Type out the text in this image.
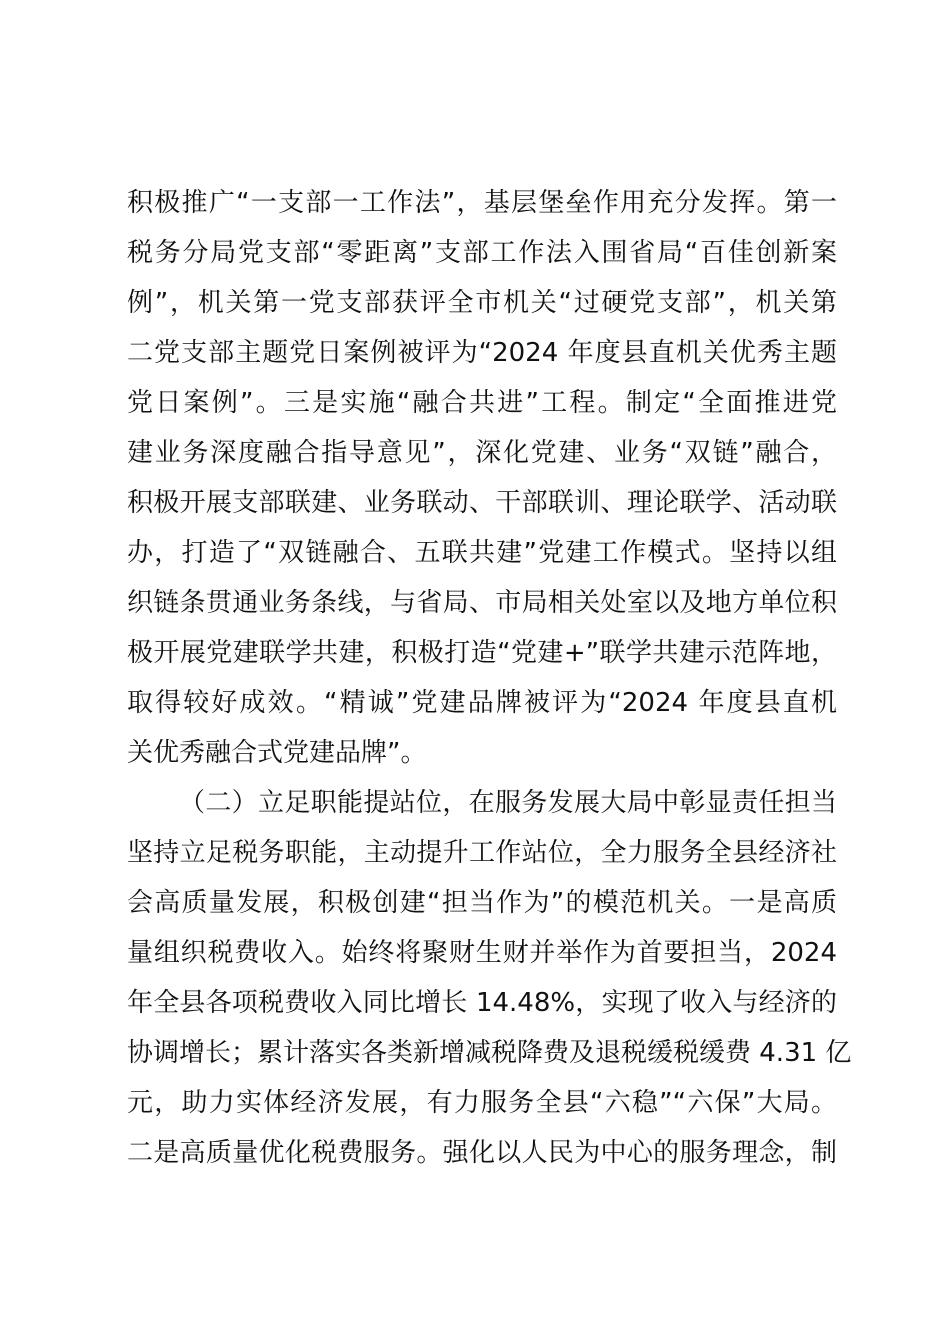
积极推广“一支部一工作法”，基层堡垒作用充分发挥。第一
税务分局党支部“零距离”支部工作法入围省局“百佳创新案
例”，机关第一党支部获评全市机关“过硬党支部”，机关第
二党支部主题党日案例被评为“2024 年度县直机关优秀主题
党日案例”。三是实施“融合共进”工程。制定“全面推进党
建业务深度融合指导意见”，深化党建、业务“双链”融合，
积极开展支部联建、业务联动、干部联训、理论联学、活动联
办，打造了“双链融合、五联共建”党建工作模式。坚持以组
织链条贯通业务条线，与省局、市局相关处室以及地方单位积
极开展党建联学共建，积极打造“党建+”联学共建示范阵地，
取得较好成效。“精诚”党建品牌被评为“2024 年度县直机
关优秀融合式党建品牌”。
（二）立足职能提站位，在服务发展大局中彰显责任担当
坚持立足税务职能，主动提升工作站位，全力服务全县经济社
会高质量发展，积极创建“担当作为”的模范机关。一是高质
量组织税费收入。始终将聚财生财并举作为首要担当，2024
年全县各项税费收入同比增长 14.48%，实现了收入与经济的
协调增长；累计落实各类新增减税降费及退税缓税缓费 4.31 亿
元，助力实体经济发展，有力服务全县“六稳”“六保”大局。
二是高质量优化税费服务。强化以人民为中心的服务理念，制
